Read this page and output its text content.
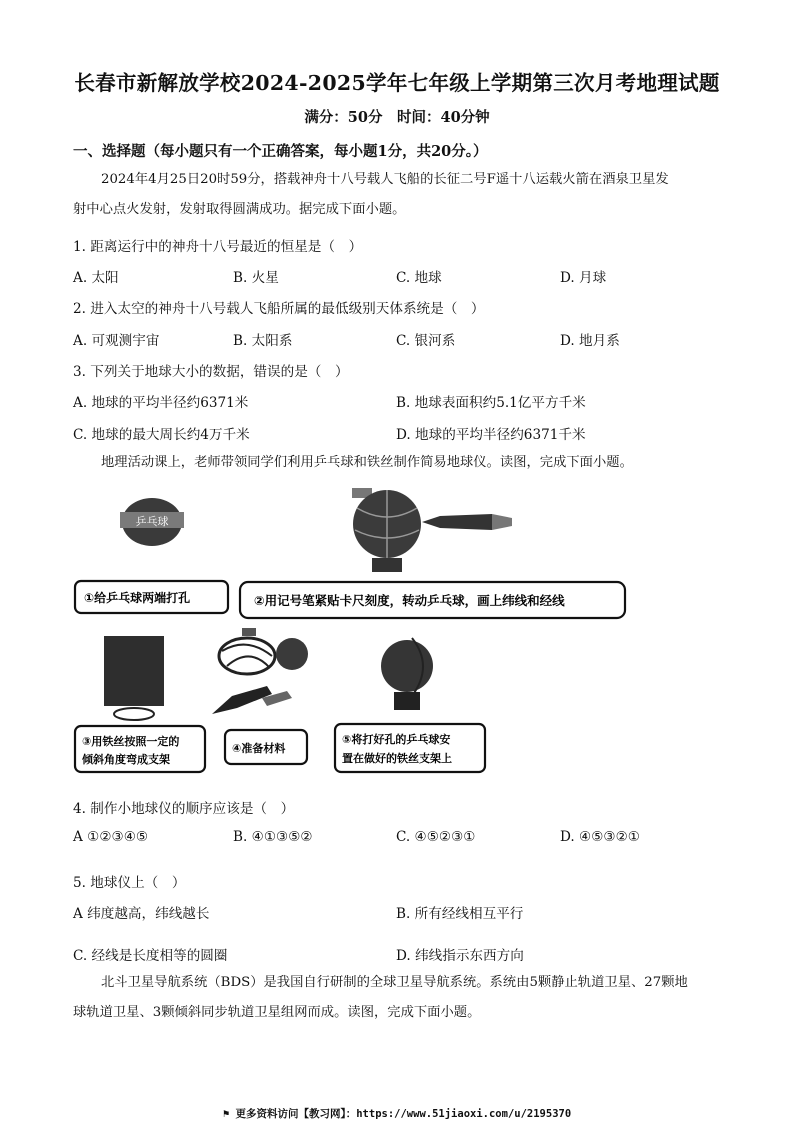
长春市新解放学校2024-2025学年七年级上学期第三次月考地理试题
满分：50分　时间：40分钟
一、选择题（每小题只有一个正确答案，每小题1分，共20分。）
2024年4月25日20时59分，搭载神舟十八号载人飞船的长征二号F遥十八运载火箭在酒泉卫星发
射中心点火发射，发射取得圆满成功。据完成下面小题。
1. 距离运行中的神舟十八号最近的恒星是（　）
A. 太阳	B. 火星	C. 地球	D. 月球
2. 进入太空的神舟十八号载人飞船所属的最低级别天体系统是（　）
A. 可观测宇宙	B. 太阳系	C. 银河系	D. 地月系
3. 下列关于地球大小的数据，错误的是（　）
A. 地球的平均半径约6371米	B. 地球表面积约5.1亿平方千米
C. 地球的最大周长约4万千米	D. 地球的平均半径约6371千米
地理活动课上，老师带领同学们利用乒乓球和铁丝制作简易地球仪。读图，完成下面小题。
乒乓球
①给乒乓球两端打孔	②用记号笔紧贴卡尺刻度，转动乒乓球，画上纬线和经线
③用铁丝按照一定的
倾斜角度弯成支架
④准备材料
⑤将打好孔的乒乓球安
置在做好的铁丝支架上
4. 制作小地球仪的顺序应该是（　）
A ①②③④⑤	B. ④①③⑤②	C. ④⑤②③①	D. ④⑤③②①
5. 地球仪上（　）
A 纬度越高，纬线越长	B. 所有经线相互平行
C. 经线是长度相等的圆圈	D. 纬线指示东西方向
北斗卫星导航系统（BDS）是我国自行研制的全球卫星导航系统。系统由5颗静止轨道卫星、27颗地
球轨道卫星、3颗倾斜同步轨道卫星组网而成。读图，完成下面小题。
⚑ 更多资料访问【教习网】：https://www.51jiaoxi.com/u/2195370
